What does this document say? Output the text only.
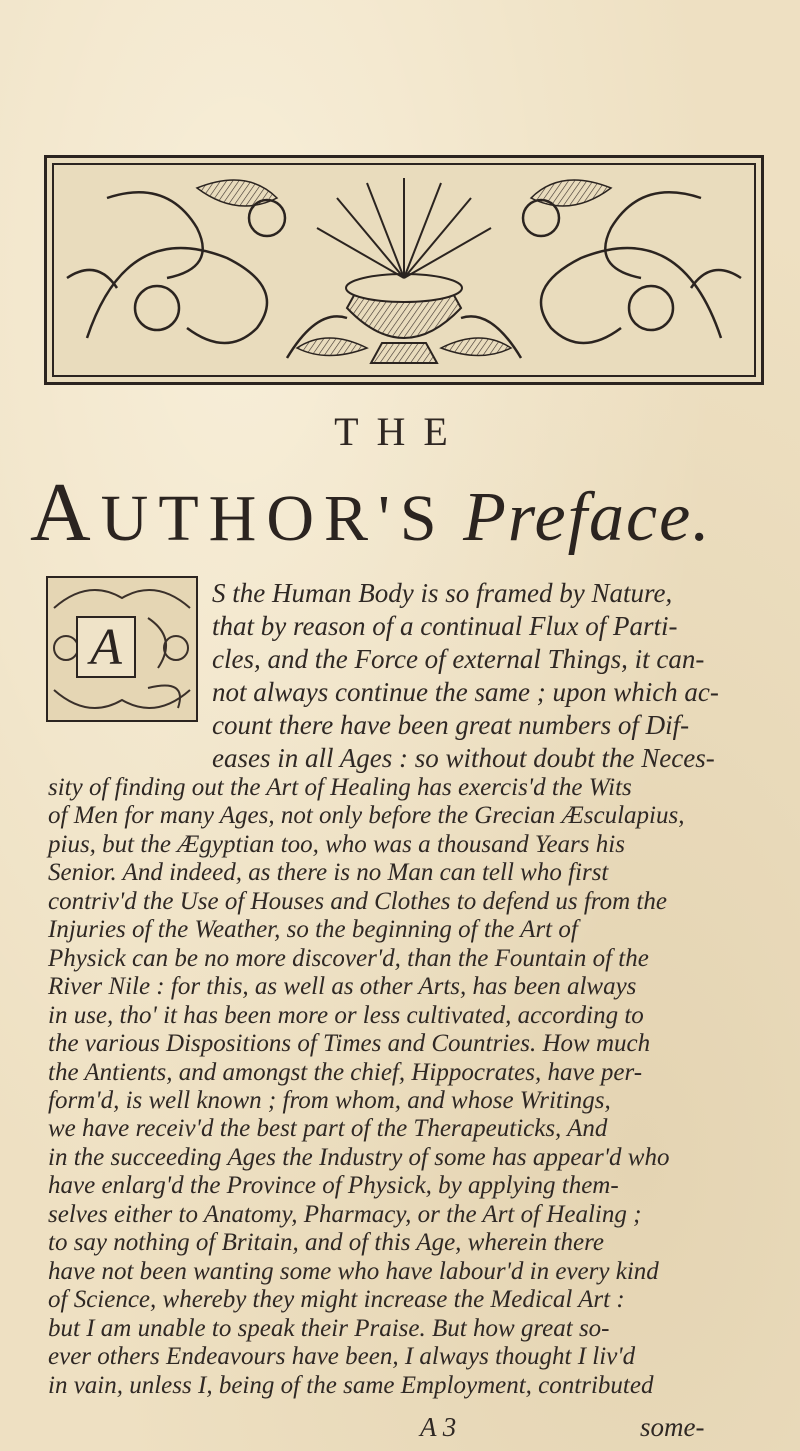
THE
AUTHOR'S Preface.
A
S the Human Body is so framed by Nature,
that by reason of a continual Flux of Parti-
cles, and the Force of external Things, it can-
not always continue the same ; upon which ac-
count there have been great numbers of Dif-
eases in all Ages : so without doubt the Neces-
sity of finding out the Art of Healing has exercis'd the Wits
of Men for many Ages, not only before the Grecian Æsculapius,
pius, but the Ægyptian too, who was a thousand Years his
Senior. And indeed, as there is no Man can tell who first
contriv'd the Use of Houses and Clothes to defend us from the
Injuries of the Weather, so the beginning of the Art of
Physick can be no more discover'd, than the Fountain of the
River Nile : for this, as well as other Arts, has been always
in use, tho' it has been more or less cultivated, according to
the various Dispositions of Times and Countries. How much
the Antients, and amongst the chief, Hippocrates, have per-
form'd, is well known ; from whom, and whose Writings,
we have receiv'd the best part of the Therapeuticks, And
in the succeeding Ages the Industry of some has appear'd who
have enlarg'd the Province of Physick, by applying them-
selves either to Anatomy, Pharmacy, or the Art of Healing ;
to say nothing of Britain, and of this Age, wherein there
have not been wanting some who have labour'd in every kind
of Science, whereby they might increase the Medical Art :
but I am unable to speak their Praise. But how great so-
ever others Endeavours have been, I always thought I liv'd
in vain, unless I, being of the same Employment, contributed
A 3	some-
